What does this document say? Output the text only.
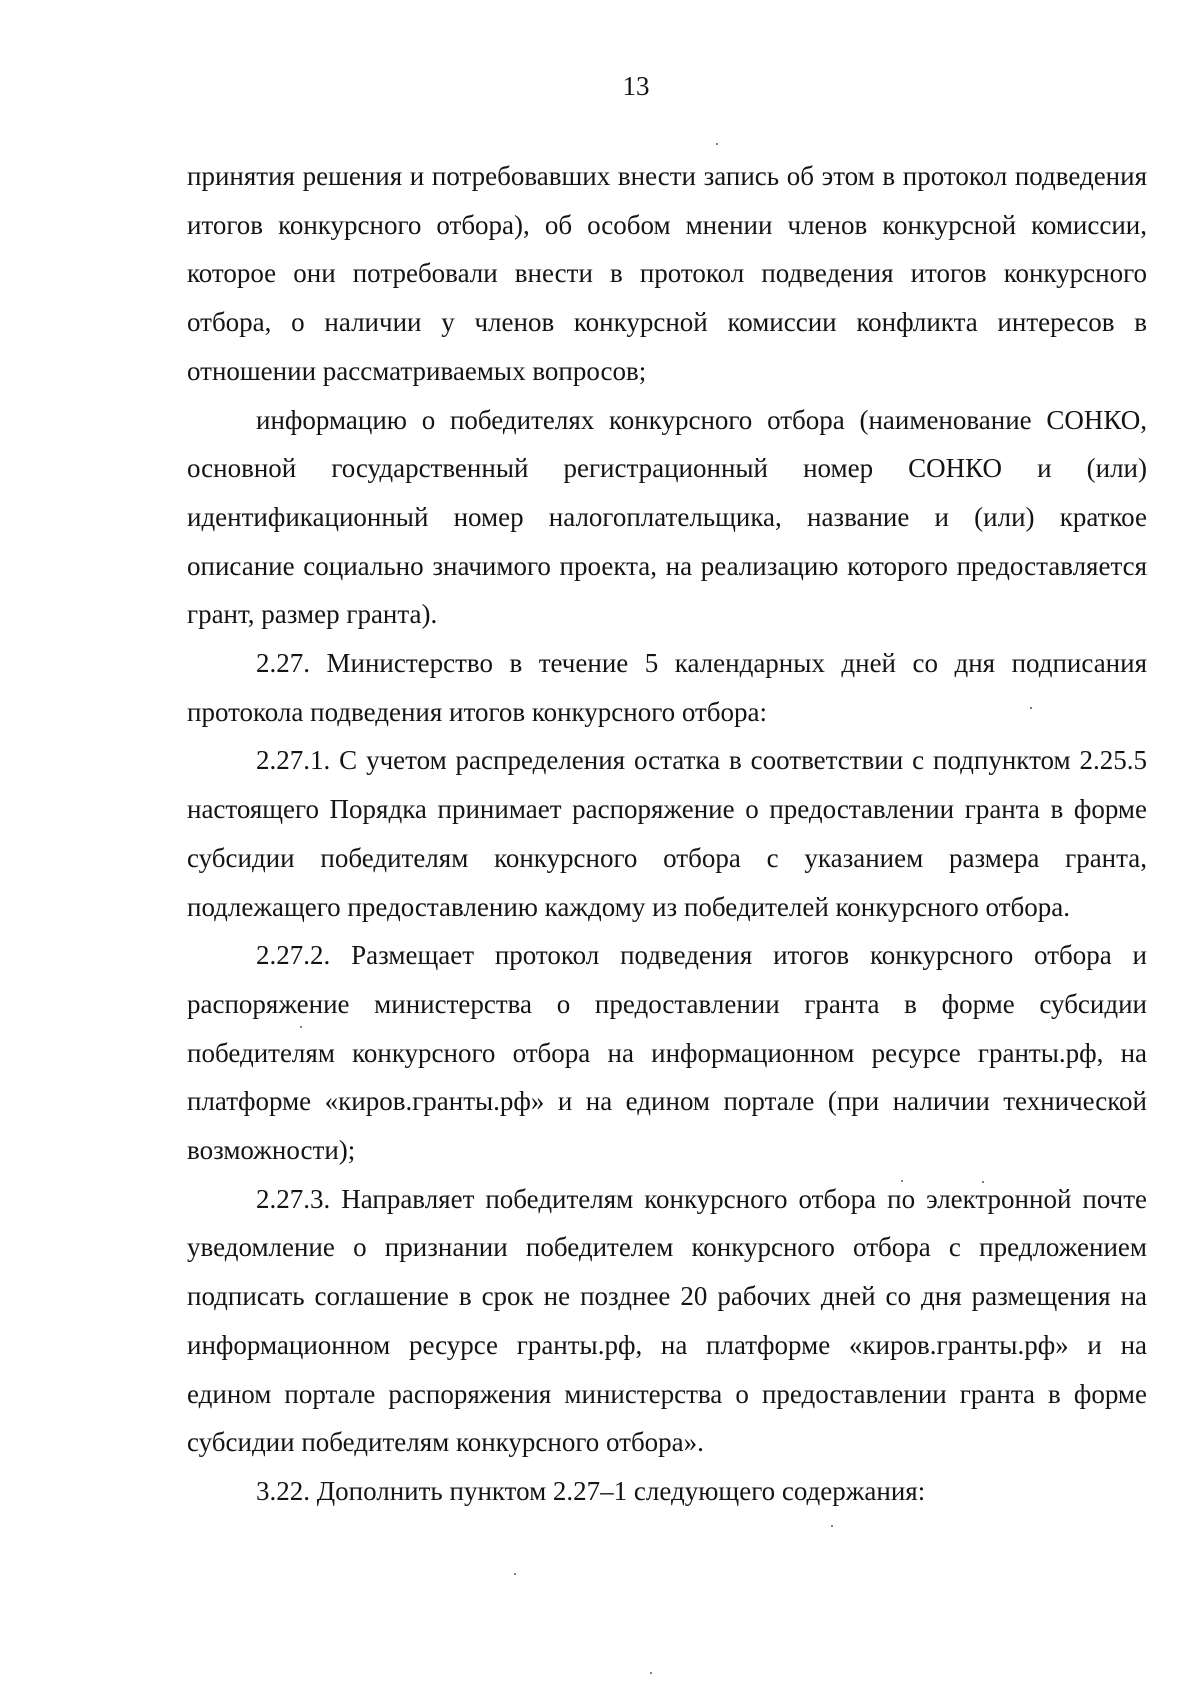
13

принятия решения и потребовавших внести запись об этом в протокол подведения итогов конкурсного отбора), об особом мнении членов конкурсной комиссии, которое они потребовали внести в протокол подведения итогов конкурсного отбора, о наличии у членов конкурсной комиссии конфликта интересов в отношении рассматриваемых вопросов;

информацию о победителях конкурсного отбора (наименование СОНКО, основной государственный регистрационный номер СОНКО и (или) идентификационный номер налогоплательщика, название и (или) краткое описание социально значимого проекта, на реализацию которого предоставляется грант, размер гранта).

2.27. Министерство в течение 5 календарных дней со дня подписания протокола подведения итогов конкурсного отбора:

2.27.1. С учетом распределения остатка в соответствии с подпунктом 2.25.5 настоящего Порядка принимает распоряжение о предоставлении гранта в форме субсидии победителям конкурсного отбора с указанием размера гранта, подлежащего предоставлению каждому из победителей конкурсного отбора.

2.27.2. Размещает протокол подведения итогов конкурсного отбора и распоряжение министерства о предоставлении гранта в форме субсидии победителям конкурсного отбора на информационном ресурсе гранты.рф, на платформе «киров.гранты.рф» и на едином портале (при наличии технической возможности);

2.27.3. Направляет победителям конкурсного отбора по электронной почте уведомление о признании победителем конкурсного отбора с предложением подписать соглашение в срок не позднее 20 рабочих дней со дня размещения на информационном ресурсе гранты.рф, на платформе «киров.гранты.рф» и на едином портале распоряжения министерства о предоставлении гранта в форме субсидии победителям конкурсного отбора».

3.22. Дополнить пунктом 2.27–1 следующего содержания:
